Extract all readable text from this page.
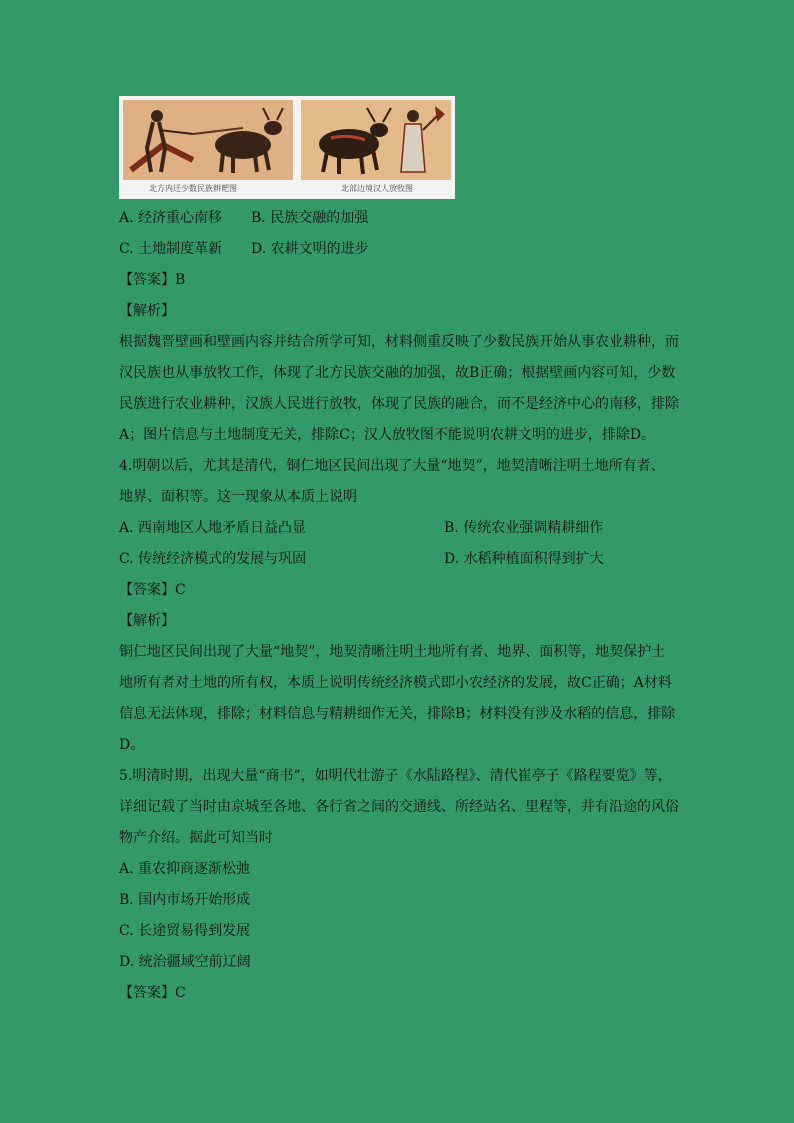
北方内迁少数民族耕耙图	北部边境汉人放牧图
A. 经济重心南移	B. 民族交融的加强
C. 土地制度革新	D. 农耕文明的进步
【答案】B
【解析】
根据魏晋壁画和壁画内容并结合所学可知，材料侧重反映了少数民族开始从事农业耕种，而
汉民族也从事放牧工作，体现了北方民族交融的加强，故B正确；根据壁画内容可知，少数
民族进行农业耕种，汉族人民进行放牧，体现了民族的融合，而不是经济中心的南移，排除
A；图片信息与土地制度无关，排除C；汉人放牧图不能说明农耕文明的进步，排除D。
4.明朝以后，尤其是清代，铜仁地区民间出现了大量“地契”，地契清晰注明土地所有者、
地界、面积等。这一现象从本质上说明
A. 西南地区人地矛盾日益凸显	B. 传统农业强调精耕细作
C. 传统经济模式的发展与巩固	D. 水稻种植面积得到扩大
【答案】C
【解析】
铜仁地区民间出现了大量“地契”，地契清晰注明土地所有者、地界、面积等，地契保护土
地所有者对土地的所有权，本质上说明传统经济模式即小农经济的发展，故C正确；A材料
信息无法体现，排除；材料信息与精耕细作无关，排除B；材料没有涉及水稻的信息，排除
D。
5.明清时期，出现大量“商书”，如明代壮游子《水陆路程》、清代崔亭子《路程要览》等，
详细记载了当时由京城至各地、各行省之间的交通线、所经站名、里程等，并有沿途的风俗
物产介绍。据此可知当时
A. 重农抑商逐渐松弛
B. 国内市场开始形成
C. 长途贸易得到发展
D. 统治疆域空前辽阔
【答案】C
